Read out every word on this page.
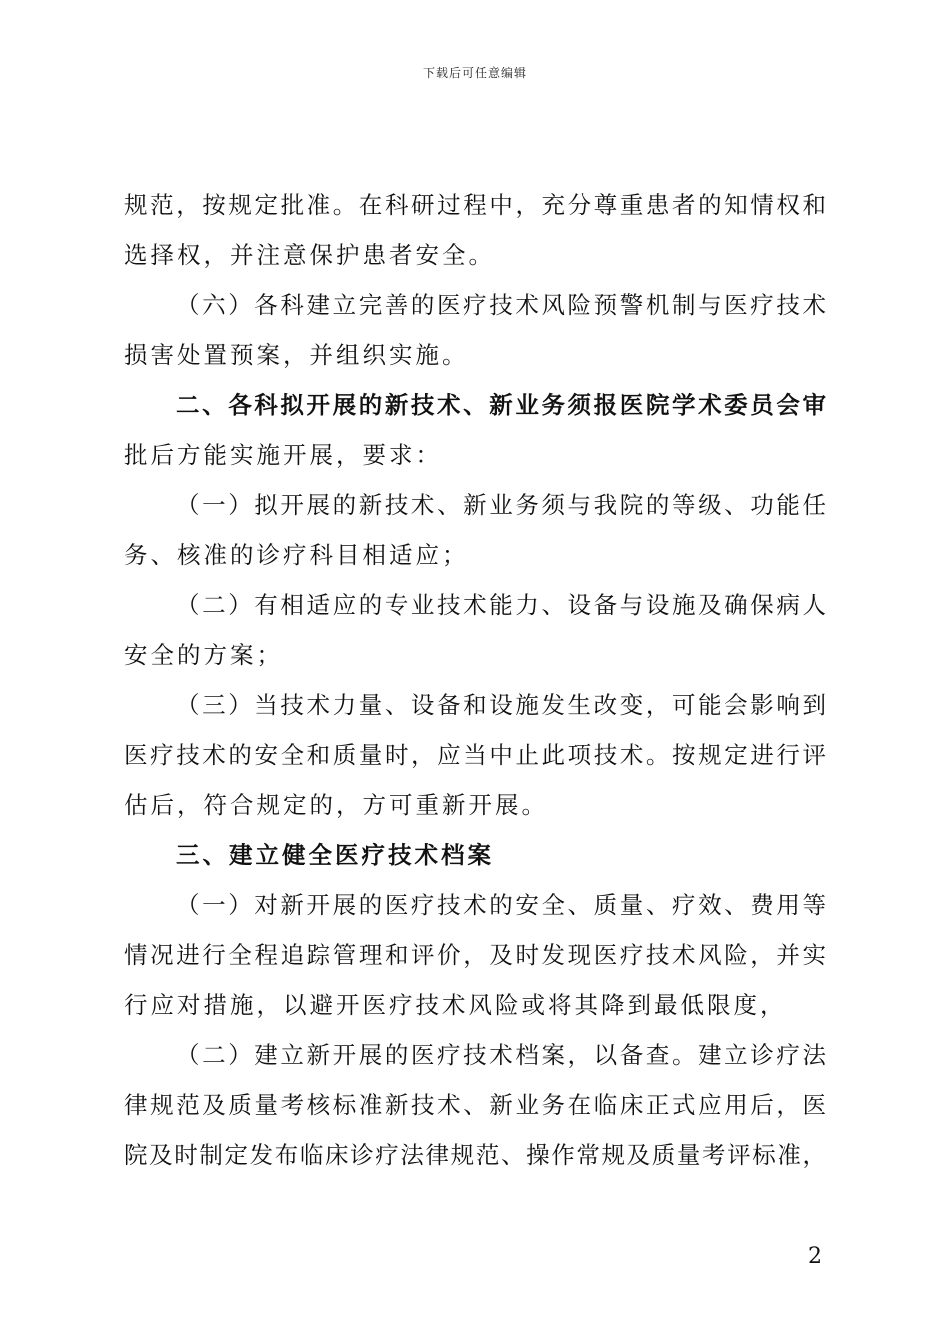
下载后可任意编辑
规范，按规定批准。在科研过程中，充分尊重患者的知情权和
选择权，并注意保护患者安全。
（六）各科建立完善的医疗技术风险预警机制与医疗技术
损害处置预案，并组织实施。
二、各科拟开展的新技术、新业务须报医院学术委员会审
批后方能实施开展，要求：
（一）拟开展的新技术、新业务须与我院的等级、功能任
务、核准的诊疗科目相适应；
（二）有相适应的专业技术能力、设备与设施及确保病人
安全的方案；
（三）当技术力量、设备和设施发生改变，可能会影响到
医疗技术的安全和质量时，应当中止此项技术。按规定进行评
估后，符合规定的，方可重新开展。
三、建立健全医疗技术档案
（一）对新开展的医疗技术的安全、质量、疗效、费用等
情况进行全程追踪管理和评价，及时发现医疗技术风险，并实
行应对措施，以避开医疗技术风险或将其降到最低限度，
（二）建立新开展的医疗技术档案，以备查。建立诊疗法
律规范及质量考核标准新技术、新业务在临床正式应用后，医
院及时制定发布临床诊疗法律规范、操作常规及质量考评标准，
2
